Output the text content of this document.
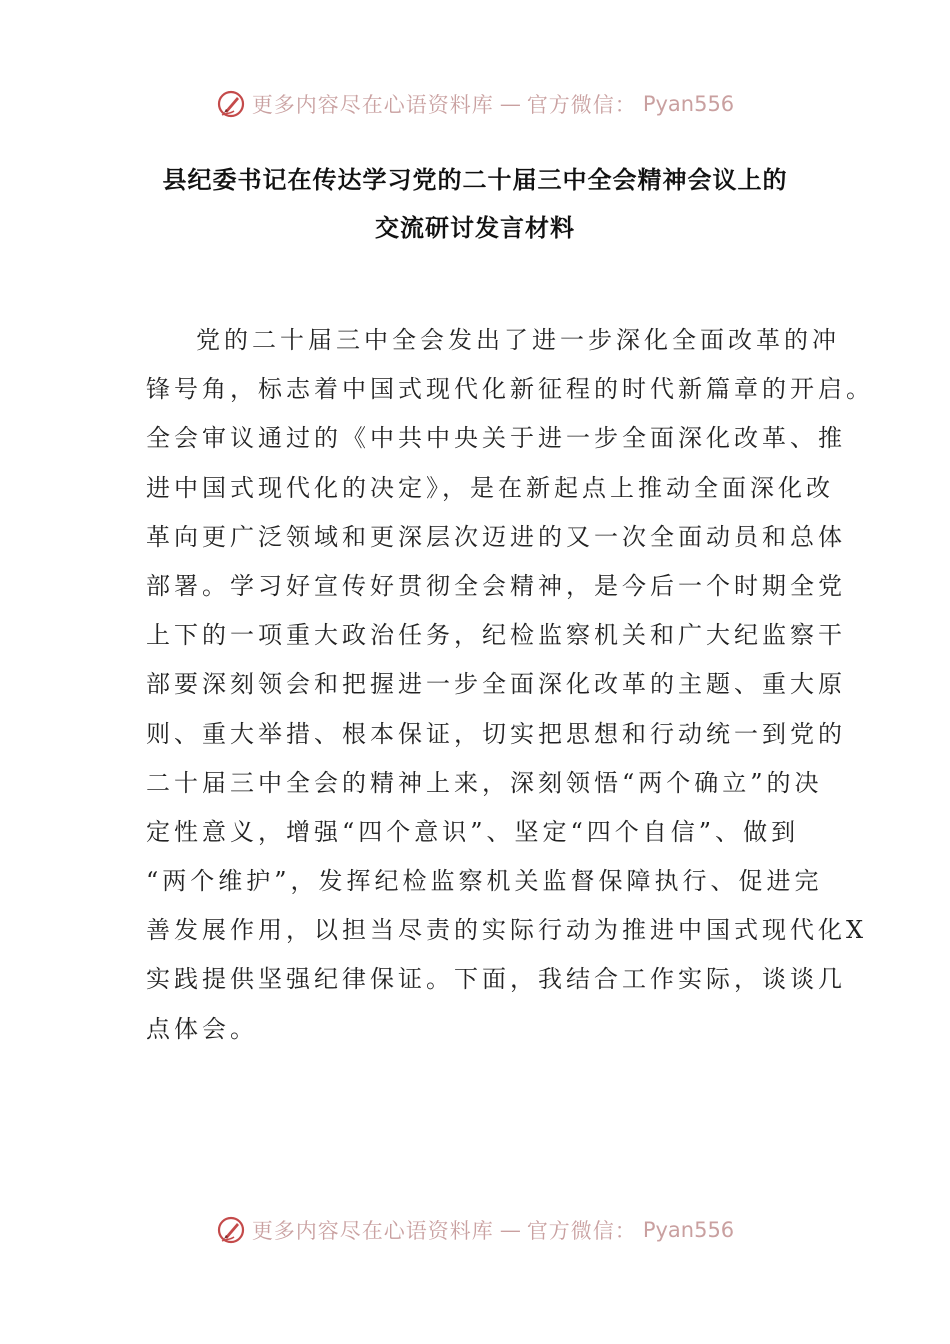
更多内容尽在心语资料库 — 官方微信： Pyan556
县纪委书记在传达学习党的二十届三中全会精神会议上的
交流研讨发言材料
党的二十届三中全会发出了进一步深化全面改革的冲
锋号角，标志着中国式现代化新征程的时代新篇章的开启。
全会审议通过的《中共中央关于进一步全面深化改革、推
进中国式现代化的决定》，是在新起点上推动全面深化改
革向更广泛领域和更深层次迈进的又一次全面动员和总体
部署。学习好宣传好贯彻全会精神，是今后一个时期全党
上下的一项重大政治任务，纪检监察机关和广大纪监察干
部要深刻领会和把握进一步全面深化改革的主题、重大原
则、重大举措、根本保证，切实把思想和行动统一到党的
二十届三中全会的精神上来，深刻领悟“两个确立”的决
定性意义，增强“四个意识”、坚定“四个自信”、做到
“两个维护”，发挥纪检监察机关监督保障执行、促进完
善发展作用，以担当尽责的实际行动为推进中国式现代化X
实践提供坚强纪律保证。下面，我结合工作实际，谈谈几
点体会。
更多内容尽在心语资料库 — 官方微信： Pyan556
